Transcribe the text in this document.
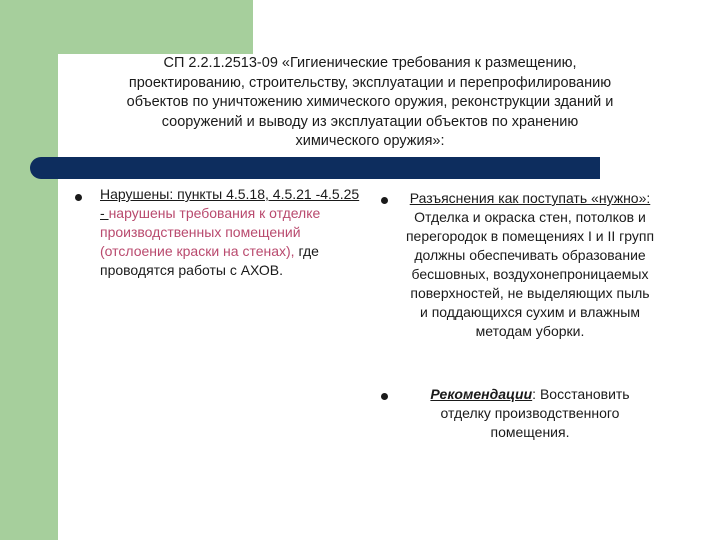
СП 2.2.1.2513-09 «Гигиенические требования к размещению,
проектированию, строительству, эксплуатации и перепрофилированию
объектов по уничтожению химического оружия, реконструкции зданий и
сооружений и выводу из эксплуатации объектов по хранению
химического оружия»:
Нарушены: пункты 4.5.18, 4.5.21 -4.5.25 - нарушены требования к отделке производственных помещений (отслоение краски на стенах), где проводятся работы с АХОВ.
Разъяснения как поступать «нужно»: Отделка и окраска стен, потолков и перегородок в помещениях I и II групп должны обеспечивать образование бесшовных, воздухонепроницаемых поверхностей, не выделяющих пыль и поддающихся сухим и влажным методам уборки.
Рекомендации: Восстановить отделку производственного помещения.
